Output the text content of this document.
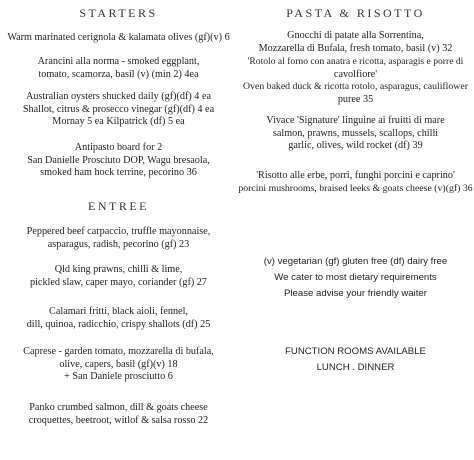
STARTERS
Warm marinated cerignola & kalamata olives (gf)(v) 6
Arancini alla norma - smoked eggplant,
tomato, scamorza, basil (v) (min 2) 4ea
Australian oysters shucked daily (gf)(df) 4 ea
Shallot, citrus & prosecco vinegar (gf)(df) 4 ea
Mornay 5 ea Kilpatrick (df) 5 ea
Antipasto board for 2
San Danielle Prosciuto DOP, Wagu bresaola,
smoked ham hock terrine, pecorino 36
ENTREE
Peppered beef carpaccio, truffle mayonnaise,
asparagus, radish, pecorino (gf) 23
Qld king prawns, chilli & lime,
pickled slaw, caper mayo, coriander (gf) 27
Calamari fritti, black aioli, fennel,
dill, quinoa, radicchio, crispy shallots (df) 25
Caprese - garden tomato, mozzarella di bufala,
olive, capers, basil (gf)(v) 18
+ San Daniele prosciutto 6
Panko crumbed salmon, dill & goats cheese
croquettes, beetroot, witlof & salsa rosso 22
PASTA & RISOTTO
Gnocchi di patate alla Sorrentina,
Mozzarella di Bufala, fresh tomato, basil (v) 32
'Rotolo al forno con anatra e ricotta, asparagis e porre di
cavolfiore'
Oven baked duck & ricotta rotolo, asparagus, cauliflower
puree 35
Vivace 'Signature' linguine ai fruitti di mare
salmon, prawns, mussels, scallops, chilli
garlic, olives, wild rocket (df) 39
'Risotto alle erbe, porri, funghi porcini e caprino'
porcini mushrooms, braised leeks & goats cheese (v)(gf) 36
(v) vegetarian (gf) gluten free (df) dairy free
We cater to most dietary requirements
Please advise your friendly waiter
FUNCTION ROOMS AVAILABLE
LUNCH . DINNER
